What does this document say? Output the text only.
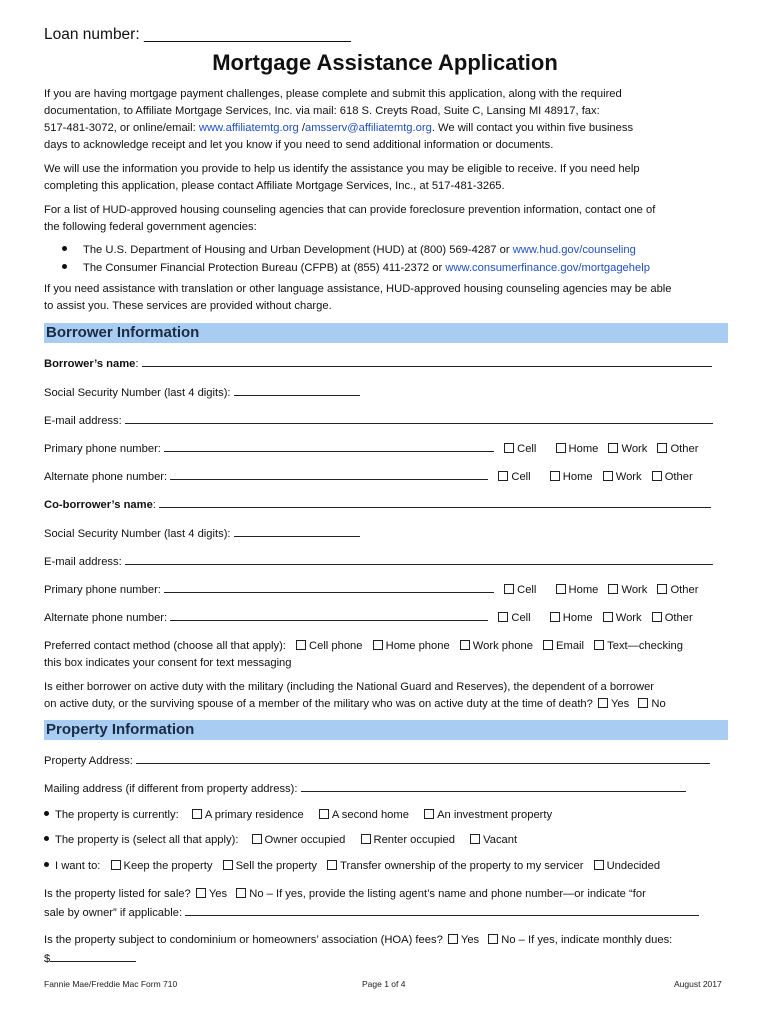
Loan number: ________________________
Mortgage Assistance Application
If you are having mortgage payment challenges, please complete and submit this application, along with the required
documentation, to Affiliate Mortgage Services, Inc. via mail: 618 S. Creyts Road, Suite C, Lansing MI 48917, fax:
517-481-3072, or online/email: www.affiliatemtg.org /amsserv@affiliatemtg.org. We will contact you within five business
days to acknowledge receipt and let you know if you need to send additional information or documents.
We will use the information you provide to help us identify the assistance you may be eligible to receive. If you need help
completing this application, please contact Affiliate Mortgage Services, Inc., at 517-481-3265.
For a list of HUD-approved housing counseling agencies that can provide foreclosure prevention information, contact one of
the following federal government agencies:
The U.S. Department of Housing and Urban Development (HUD) at (800) 569-4287 or www.hud.gov/counseling
The Consumer Financial Protection Bureau (CFPB) at (855) 411-2372 or www.consumerfinance.gov/mortgagehelp
If you need assistance with translation or other language assistance, HUD-approved housing counseling agencies may be able
to assist you. These services are provided without charge.
Borrower Information
Borrower’s name:
Social Security Number (last 4 digits):
E-mail address:
Primary phone number:	Cell	Home Work Other
Alternate phone number:	Cell	Home Work Other
Co-borrower’s name:
Social Security Number (last 4 digits):
E-mail address:
Primary phone number:	Cell	Home Work Other
Alternate phone number:	Cell	Home Work Other
Preferred contact method (choose all that apply): Cell phone Home phone Work phone Email Text—checking
this box indicates your consent for text messaging
Is either borrower on active duty with the military (including the National Guard and Reserves), the dependent of a borrower
on active duty, or the surviving spouse of a member of the military who was on active duty at the time of death? Yes No
Property Information
Property Address:
Mailing address (if different from property address):
The property is currently: A primary residence	A second home	An investment property
The property is (select all that apply): Owner occupied	Renter occupied	Vacant
I want to: Keep the property Sell the property Transfer ownership of the property to my servicer Undecided
Is the property listed for sale? Yes No – If yes, provide the listing agent’s name and phone number—or indicate “for
sale by owner” if applicable:
Is the property subject to condominium or homeowners’ association (HOA) fees? Yes No – If yes, indicate monthly dues:
$
Fannie Mae/Freddie Mac Form 710	Page 1 of 4	August 2017
